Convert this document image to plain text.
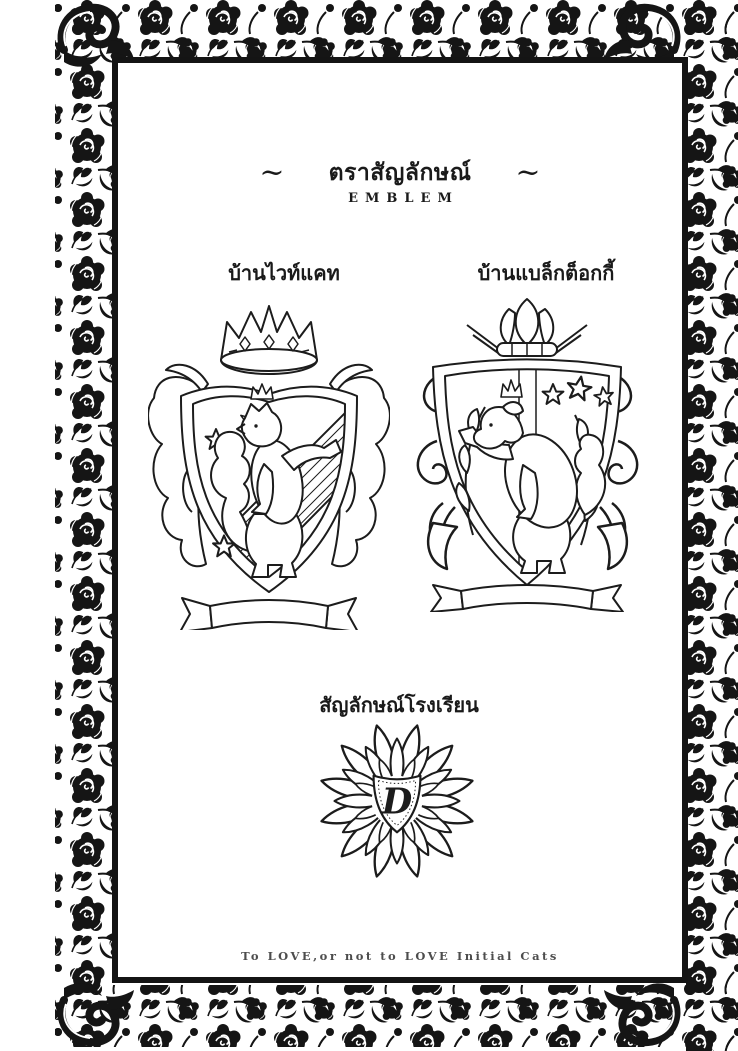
~ ตราสัญลักษณ์ ~
EMBLEM
บ้านไวท์แคท	บ้านแบล็กต็อกกี้
สัญลักษณ์โรงเรียน
D
To LOVE,or not to LOVE Initial Cats
